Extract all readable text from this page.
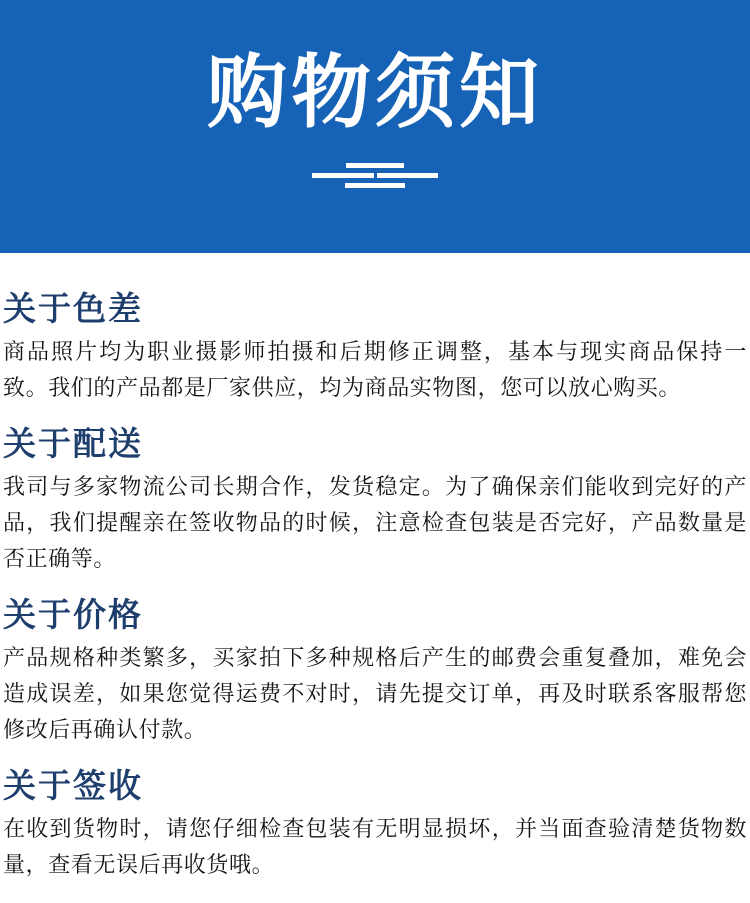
购物须知
关于色差

商品照片均为职业摄影师拍摄和后期修正调整，基本与现实商品保持一致。我们的产品都是厂家供应，均为商品实物图，您可以放心购买。

关于配送

我司与多家物流公司长期合作，发货稳定。为了确保亲们能收到完好的产品，我们提醒亲在签收物品的时候，注意检查包装是否完好，产品数量是否正确等。

关于价格

产品规格种类繁多，买家拍下多种规格后产生的邮费会重复叠加，难免会造成误差，如果您觉得运费不对时，请先提交订单，再及时联系客服帮您修改后再确认付款。

关于签收

在收到货物时，请您仔细检查包装有无明显损坏，并当面查验清楚货物数量，查看无误后再收货哦。
